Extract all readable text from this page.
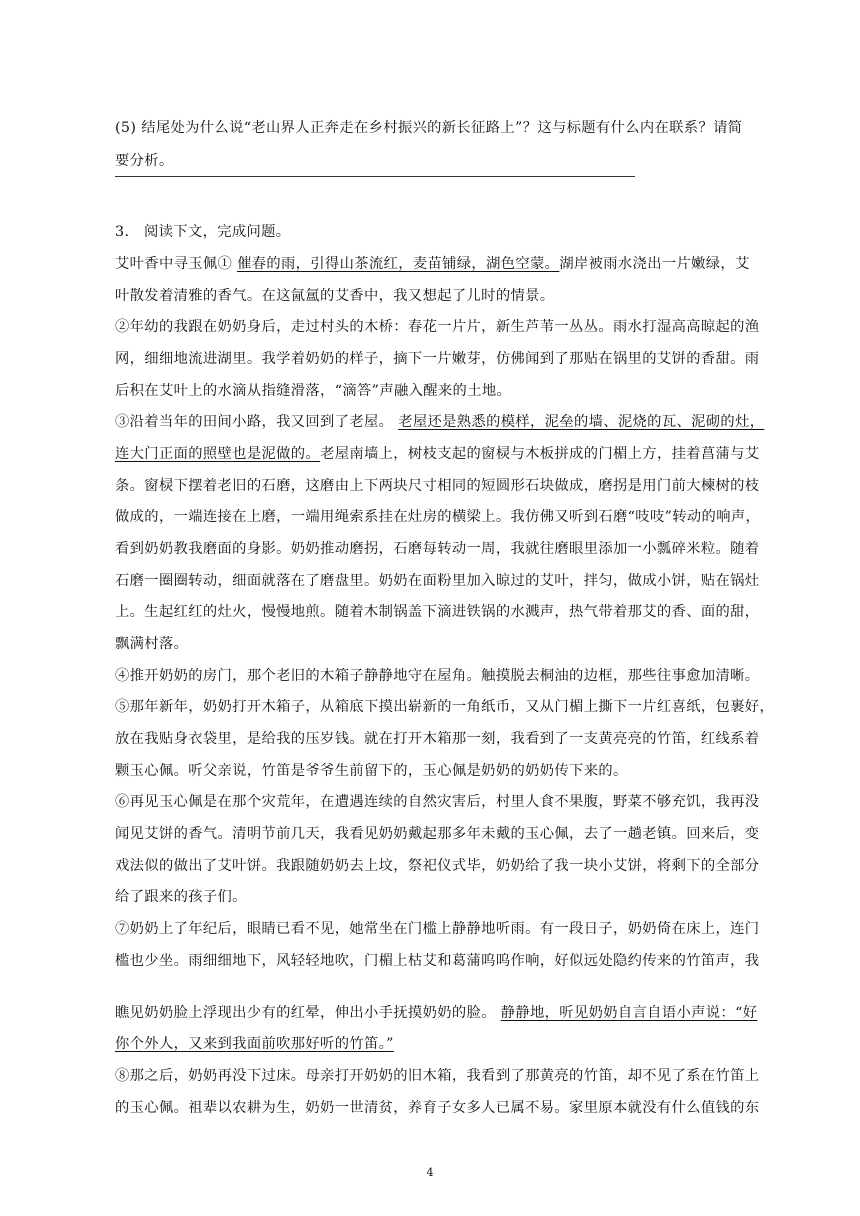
(5) 结尾处为什么说“老山界人正奔走在乡村振兴的新长征路上”？这与标题有什么内在联系？请简
要分析。
3.　阅读下文，完成问题。
艾叶香中寻玉佩① 催春的雨，引得山茶流红，麦苗铺绿，湖色空蒙。湖岸被雨水浇出一片嫩绿，艾
叶散发着清雅的香气。在这氤氲的艾香中，我又想起了儿时的情景。
②年幼的我跟在奶奶身后，走过村头的木桥：春花一片片，新生芦苇一丛丛。雨水打湿高高晾起的渔
网，细细地流进湖里。我学着奶奶的样子，摘下一片嫩芽，仿佛闻到了那贴在锅里的艾饼的香甜。雨
后积在艾叶上的水滴从指缝滑落，“滴答”声融入醒来的土地。
③沿着当年的田间小路，我又回到了老屋。 老屋还是熟悉的模样，泥垒的墙、泥烧的瓦、泥砌的灶，
连大门正面的照壁也是泥做的。老屋南墙上，树枝支起的窗棂与木板拼成的门楣上方，挂着菖蒲与艾
条。窗棂下摆着老旧的石磨，这磨由上下两块尺寸相同的短圆形石块做成，磨拐是用门前大楝树的枝
做成的，一端连接在上磨，一端用绳索系挂在灶房的横梁上。我仿佛又听到石磨“吱吱”转动的响声，
看到奶奶教我磨面的身影。奶奶推动磨拐，石磨每转动一周，我就往磨眼里添加一小瓢碎米粒。随着
石磨一圈圈转动，细面就落在了磨盘里。奶奶在面粉里加入晾过的艾叶，拌匀，做成小饼，贴在锅灶
上。生起红红的灶火，慢慢地煎。随着木制锅盖下滴进铁锅的水溅声，热气带着那艾的香、面的甜，
飘满村落。
④推开奶奶的房门，那个老旧的木箱子静静地守在屋角。触摸脱去桐油的边框，那些往事愈加清晰。
⑤那年新年，奶奶打开木箱子，从箱底下摸出崭新的一角纸币，又从门楣上撕下一片红喜纸，包裹好，
放在我贴身衣袋里，是给我的压岁钱。就在打开木箱那一刻，我看到了一支黄亮亮的竹笛，红线系着
颗玉心佩。听父亲说，竹笛是爷爷生前留下的，玉心佩是奶奶的奶奶传下来的。
⑥再见玉心佩是在那个灾荒年，在遭遇连续的自然灾害后，村里人食不果腹，野菜不够充饥，我再没
闻见艾饼的香气。清明节前几天，我看见奶奶戴起那多年未戴的玉心佩，去了一趟老镇。回来后，变
戏法似的做出了艾叶饼。我跟随奶奶去上坟，祭祀仪式毕，奶奶给了我一块小艾饼，将剩下的全部分
给了跟来的孩子们。
⑦奶奶上了年纪后，眼睛已看不见，她常坐在门槛上静静地听雨。有一段日子，奶奶倚在床上，连门
槛也少坐。雨细细地下，风轻轻地吹，门楣上枯艾和葛蒲呜呜作响，好似远处隐约传来的竹笛声，我
瞧见奶奶脸上浮现出少有的红晕，伸出小手抚摸奶奶的脸。 静静地，听见奶奶自言自语小声说：“好
你个外人，又来到我面前吹那好听的竹笛。”
⑧那之后，奶奶再没下过床。母亲打开奶奶的旧木箱，我看到了那黄亮的竹笛，却不见了系在竹笛上
的玉心佩。祖辈以农耕为生，奶奶一世清贫，养育子女多人已属不易。家里原本就没有什么值钱的东
4
